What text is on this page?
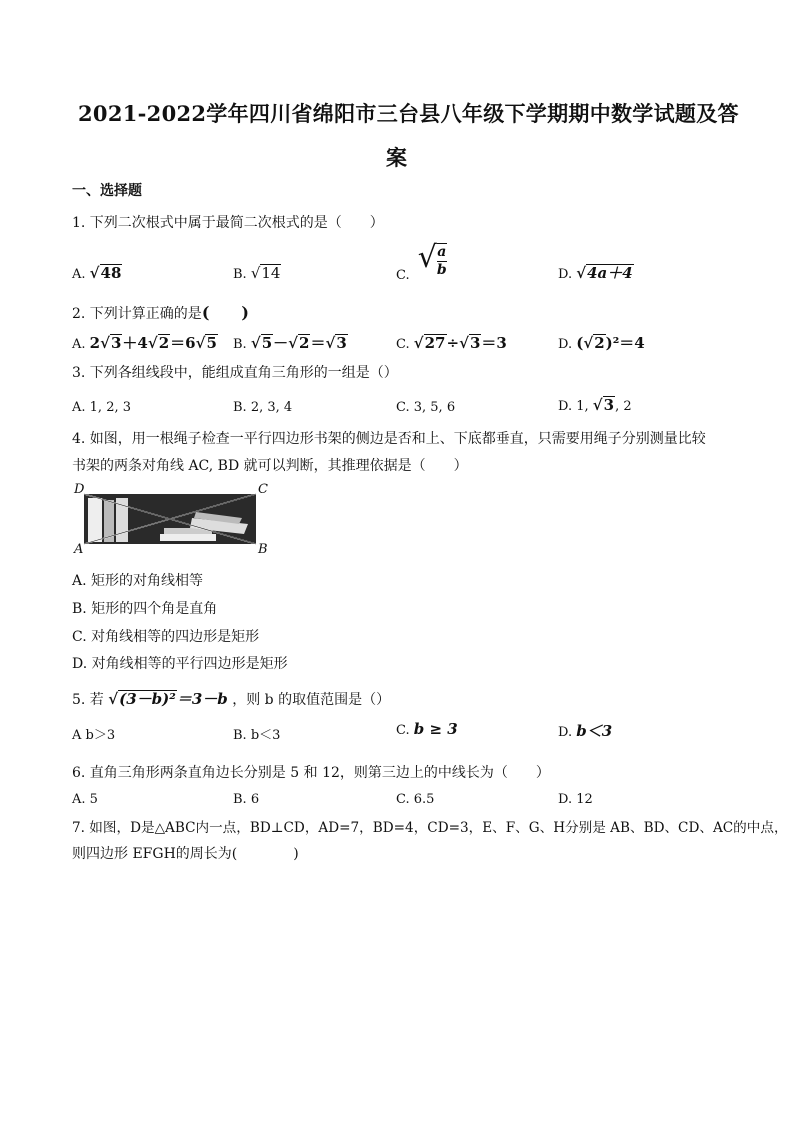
2021-2022学年四川省绵阳市三台县八年级下学期期中数学试题及答
案
一、选择题
1. 下列二次根式中属于最简二次根式的是（　　）
A. √48	B. √14	C. $√\frac{a}{b}$	D. √4a＋4
2. 下列计算正确的是(　　)
A. 2√3＋4√2＝6√5 B. √5－√2＝√3	C. √27÷√3＝3	D. (√2)²＝4
3. 下列各组线段中，能组成直角三角形的一组是（）
A. 1, 2, 3	B. 2, 3, 4	C. 3, 5, 6	D. 1, √3, 2
4. 如图，用一根绳子检查一平行四边形书架的侧边是否和上、下底都垂直，只需要用绳子分别测量比较
书架的两条对角线 AC, BD 就可以判断，其推理依据是（　　）
D	C
A	B
A. 矩形的对角线相等
B. 矩形的四个角是直角
C. 对角线相等的四边形是矩形
D. 对角线相等的平行四边形是矩形
5. 若 √(3－b)²＝3－b ，则 b 的取值范围是（）
A b＞3	B. b＜3	C. b ≥ 3	D. b＜3
6. 直角三角形两条直角边长分别是 5 和 12，则第三边上的中线长为（　　）
A. 5	B. 6	C. 6.5	D. 12
7. 如图，D是△ABC内一点，BD⊥CD，AD=7，BD=4，CD=3，E、F、G、H分别是 AB、BD、CD、AC的中点，
则四边形 EFGH的周长为(　　　　)
